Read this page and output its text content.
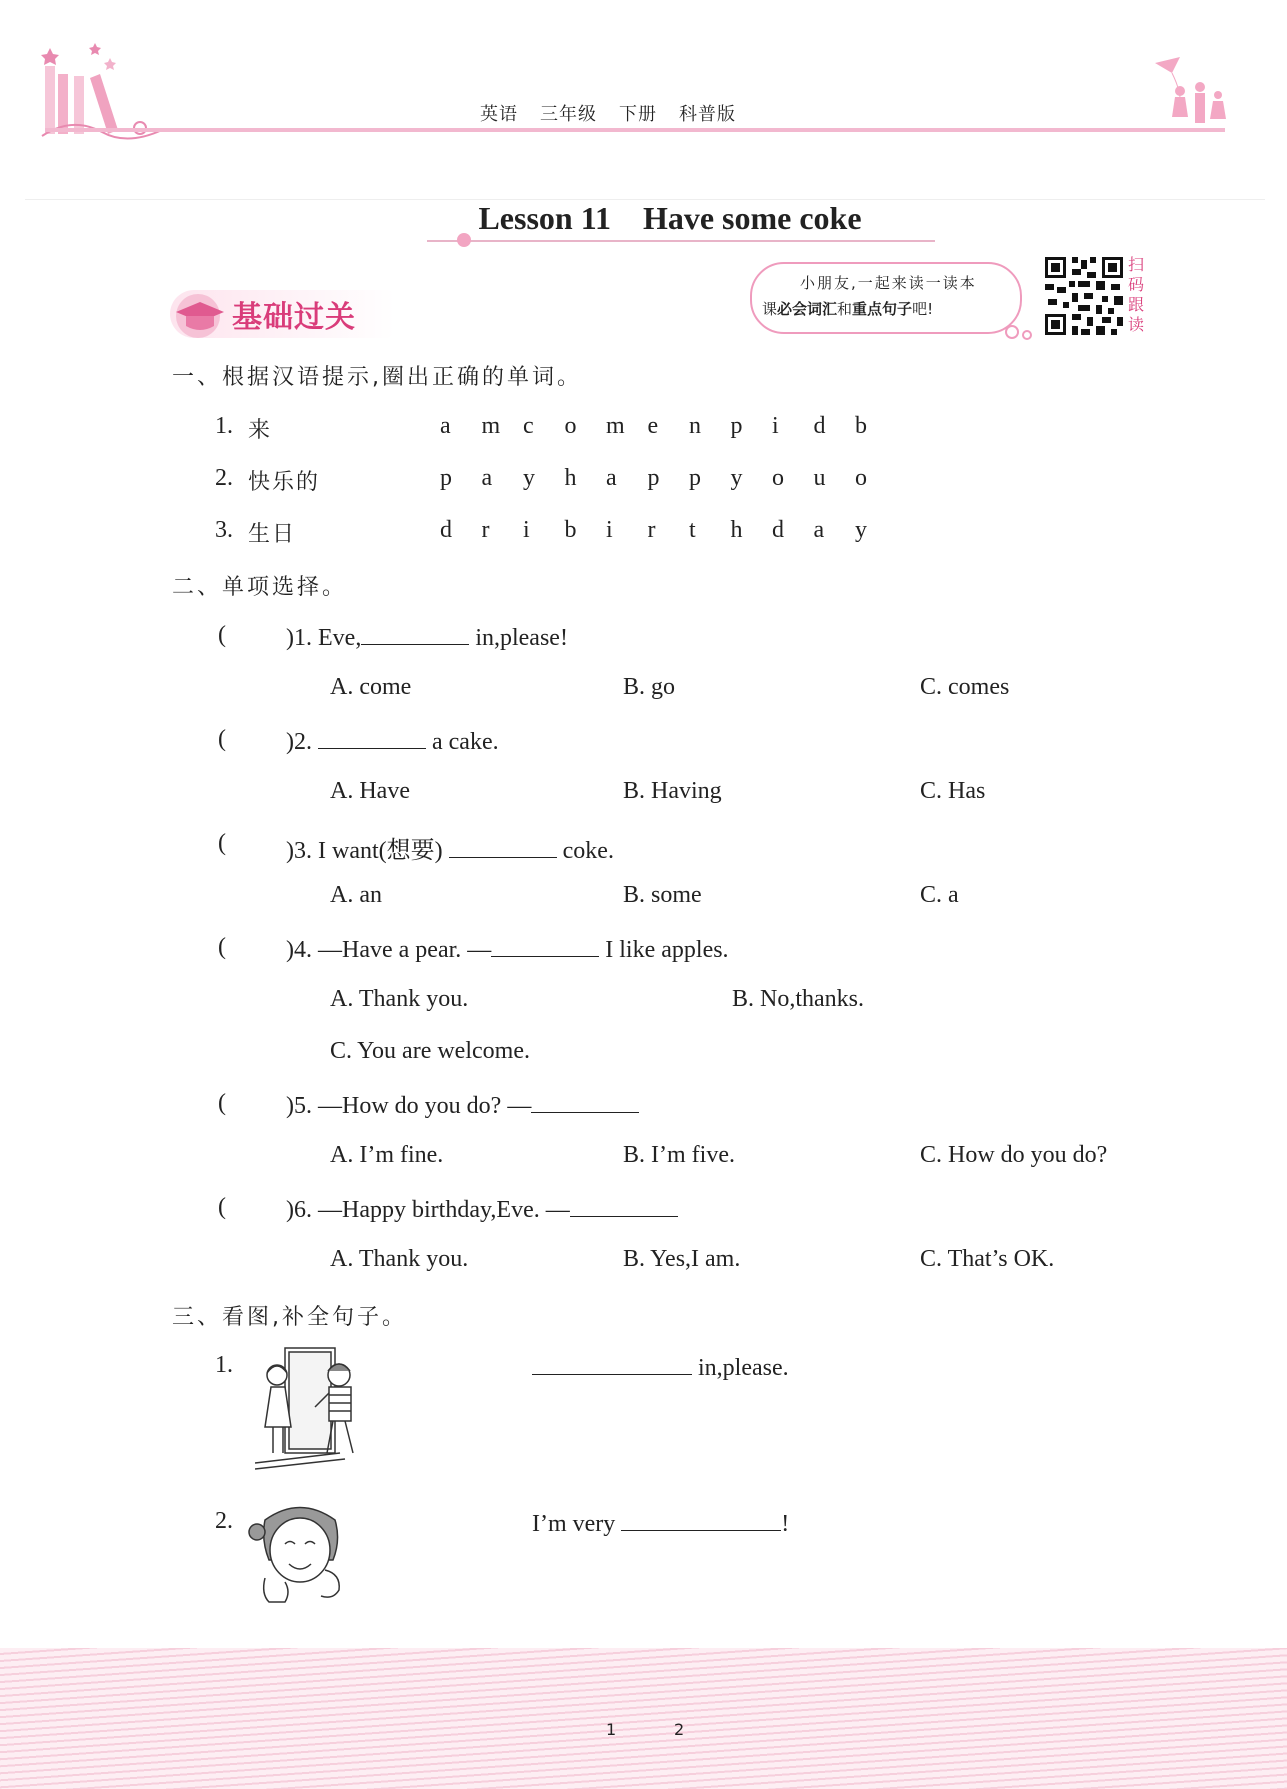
英语 三年级 下册 科普版
Lesson 11 Have some coke
基础过关
小朋友,一起来读一读本
课必会词汇和重点句子吧!
扫码跟读
一、根据汉语提示,圈出正确的单词。
1. 来	a	m c	o	m e	n	p	i	d	b
2. 快乐的	p	a	y	h	a	p	p	y	o	u	o
3. 生日	d	r	i	b	i	r	t	h	d	a	y
二、单项选择。
(	)1. Eve,	in,please!
A. come	B. go	C. comes
(	)2.	a cake.
A. Have	B. Having	C. Has
(	)3. I want(想要)	coke.
A. an	B. some	C. a
(	)4. —Have a pear. —	I like apples.
A. Thank you.	B. No,thanks.
C. You are welcome.
(	)5. —How do you do? —
A. I’m fine.	B. I’m five.	C. How do you do?
(	)6. —Happy birthday,Eve. —
A. Thank you.	B. Yes,I am.	C. That’s OK.
三、看图,补全句子。
1.	in,please.
2.	I’m very	!
1	2
